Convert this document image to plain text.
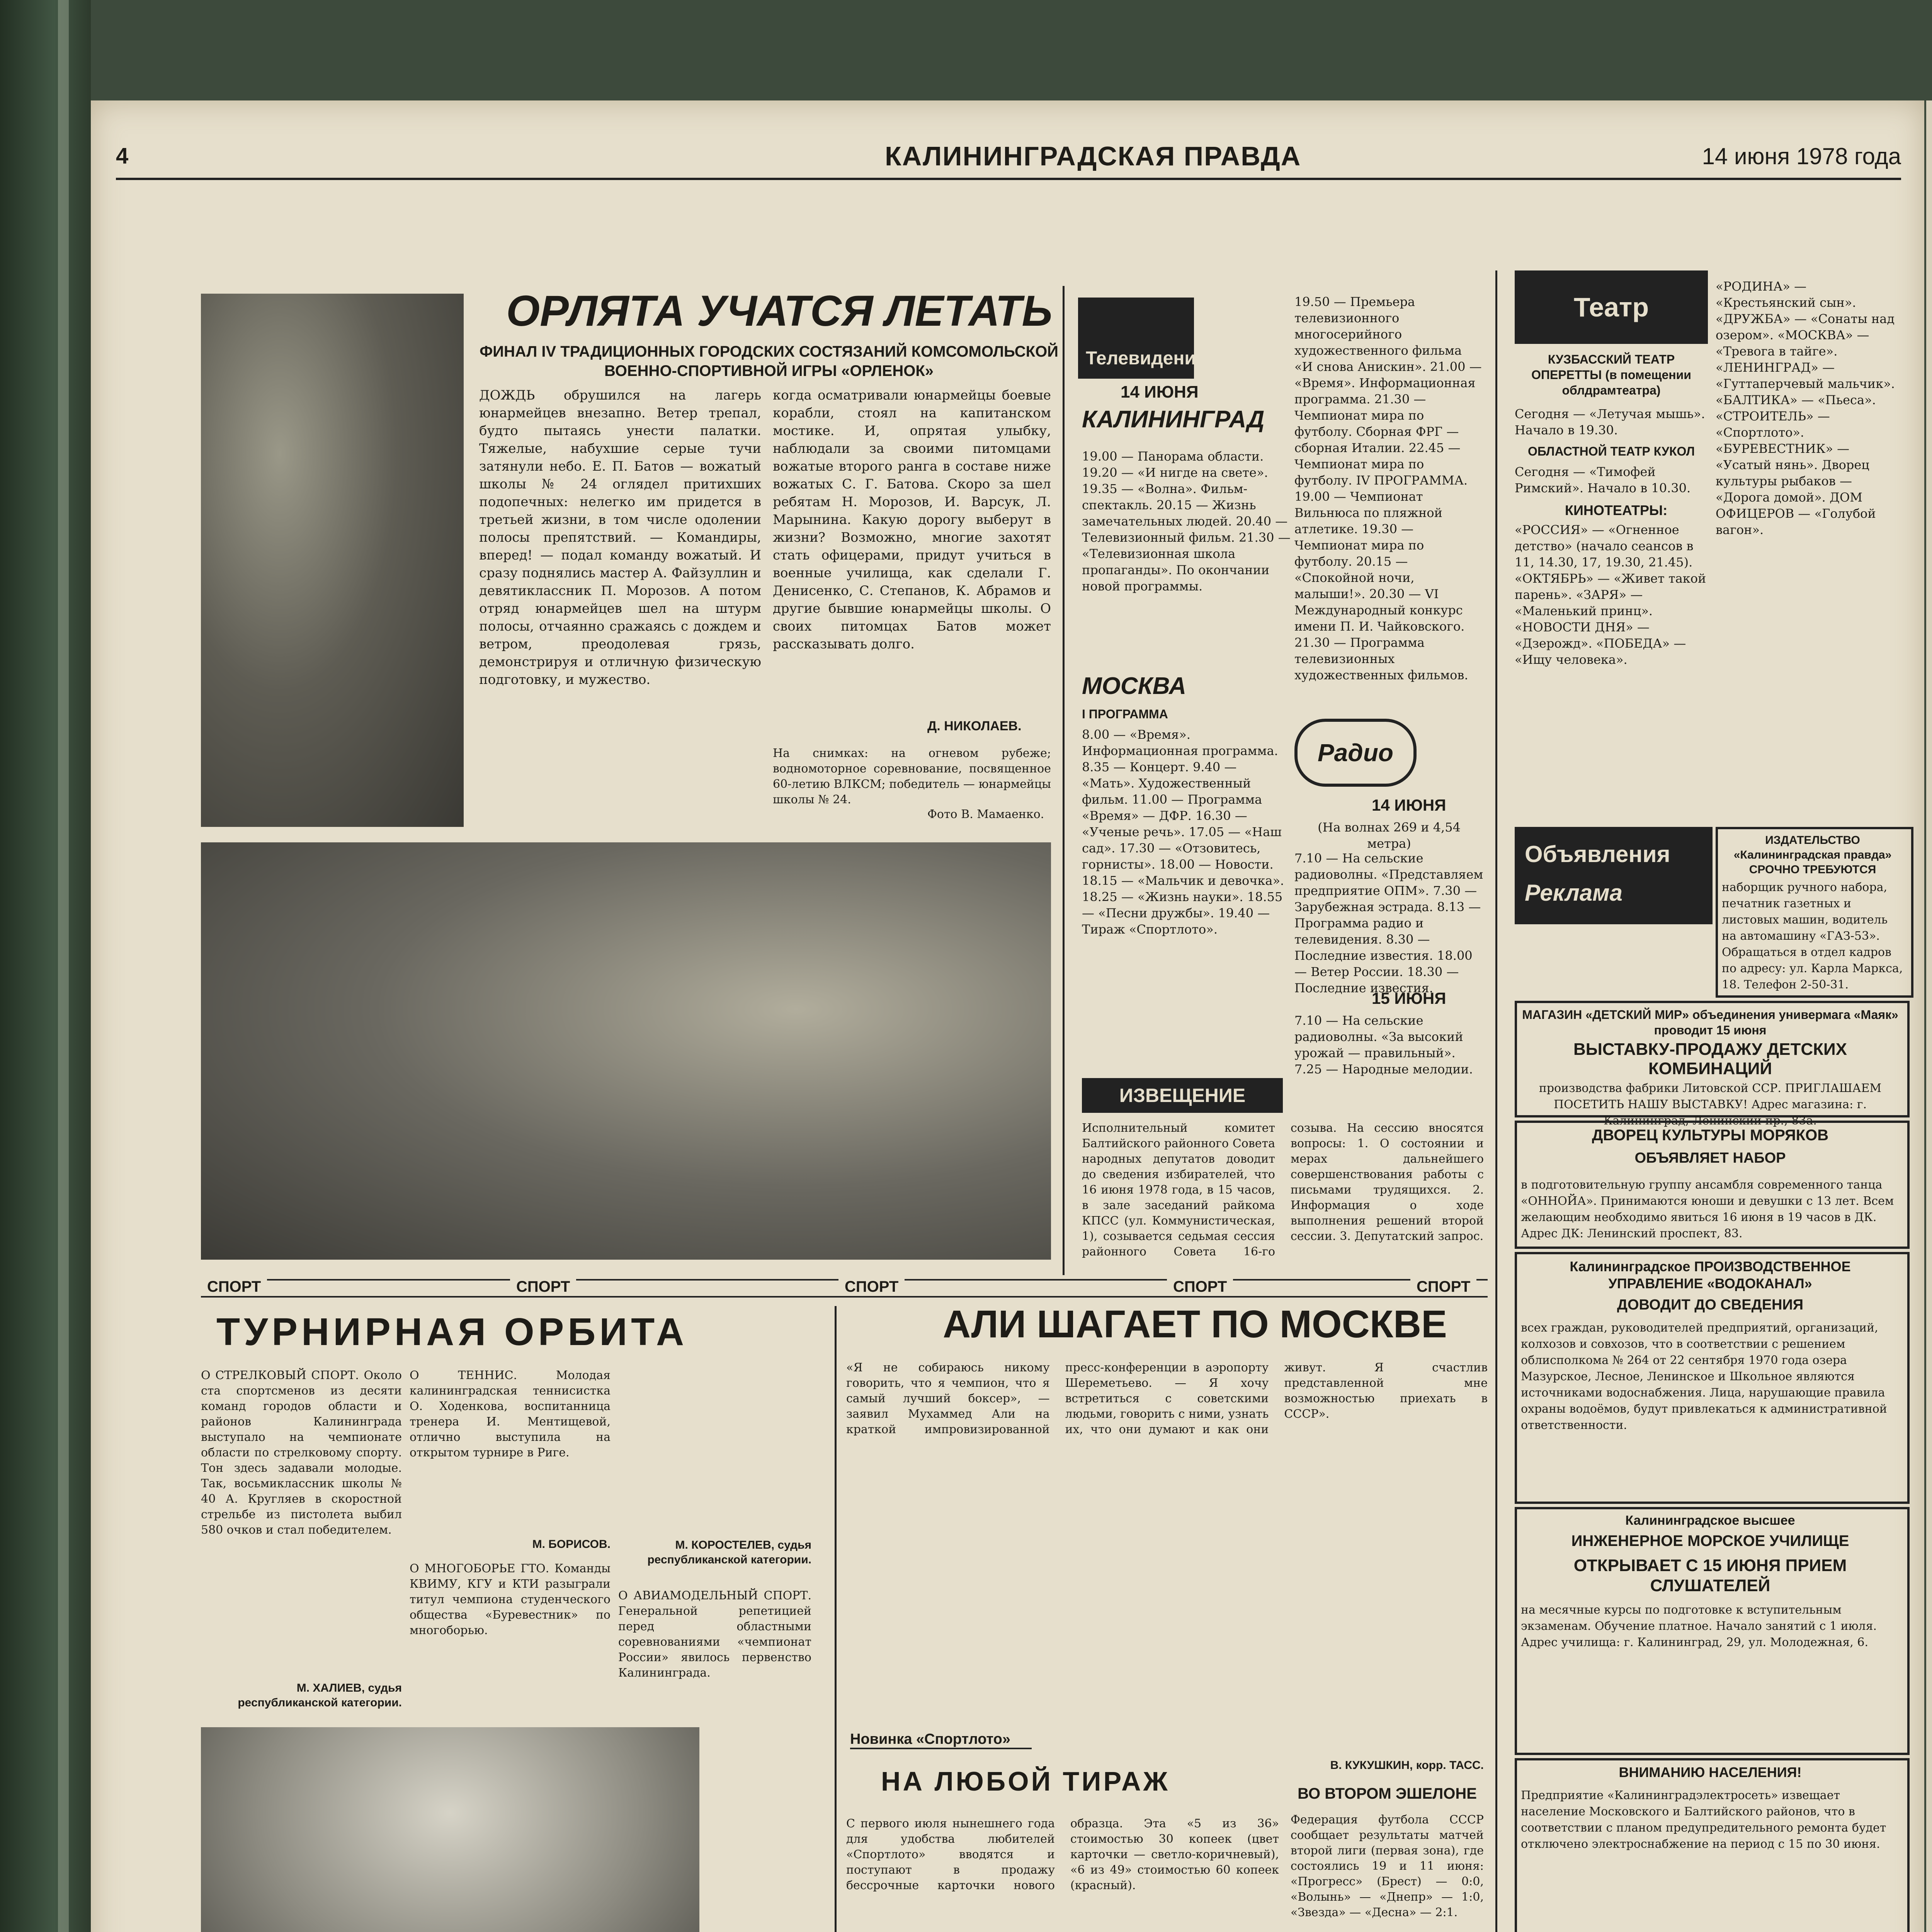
4	КАЛИНИНГРАДСКАЯ ПРАВДА	14 июня 1978 года
ОРЛЯТА УЧАТСЯ ЛЕТАТЬ
ФИНАЛ IV ТРАДИЦИОННЫХ ГОРОДСКИХ СОСТЯЗАНИЙ КОМСОМОЛЬСКОЙ ВОЕННО-СПОРТИВНОЙ ИГРЫ «ОРЛЕНОК»
ДОЖДЬ обрушился на лагерь юнармейцев внезапно. Ветер трепал, будто пытаясь унести палатки. Тяжелые, набухшие серые тучи затянули небо. Е. П. Батов — вожатый школы № 24 оглядел притихших подопечных: нелегко им придется в третьей жизни, в том числе одолении полосы препятствий. — Командиры, вперед! — подал команду вожатый. И сразу поднялись мастер А. Файзуллин и девятиклассник П. Морозов. А потом отряд юнармейцев шел на штурм полосы, отчаянно сражаясь с дождем и ветром, преодолевая грязь, демонстрируя и отличную физическую подготовку, и мужество.
когда осматривали юнармейцы боевые корабли, стоял на капитанском мостике. И, опрятая улыбку, наблюдали за своими питомцами вожатые второго ранга в составе ниже вожатых С. Г. Батова. Скоро за шел ребятам Н. Морозов, И. Варсук, Л. Марынина. Какую дорогу выберут в жизни? Возможно, многие захотят стать офицерами, придут учиться в военные училища, как сделали Г. Денисенко, С. Степанов, К. Абрамов и другие бывшие юнармейцы школы. О своих питомцах Батов может рассказывать долго.
Д. НИКОЛАЕВ.
На снимках: на огневом рубеже; водномоторное соревнование, посвященное 60-летию ВЛКСМ; победитель — юнармейцы школы № 24.
Фото В. Мамаенко.
Телевидение
14 ИЮНЯ
КАЛИНИНГРАД
19.00 — Панорама области. 19.20 — «И нигде на свете». 19.35 — «Волна». Фильм-спектакль. 20.15 — Жизнь замечательных людей. 20.40 — Телевизионный фильм. 21.30 — «Телевизионная школа пропаганды». По окончании новой программы.
МОСКВА
I ПРОГРАММА
8.00 — «Время». Информационная программа. 8.35 — Концерт. 9.40 — «Мать». Художественный фильм. 11.00 — Программа «Время» — ДФР. 16.30 — «Ученые речь». 17.05 — «Наш сад». 17.30 — «Отзовитесь, горнисты». 18.00 — Новости. 18.15 — «Мальчик и девочка». 18.25 — «Жизнь науки». 18.55 — «Песни дружбы». 19.40 — Тираж «Спортлото».
19.50 — Премьера телевизионного многосерийного художественного фильма «И снова Анискин». 21.00 — «Время». Информационная программа. 21.30 — Чемпионат мира по футболу. Сборная ФРГ — сборная Италии. 22.45 — Чемпионат мира по футболу. IV ПРОГРАММА. 19.00 — Чемпионат Вильнюса по пляжной атлетике. 19.30 — Чемпионат мира по футболу. 20.15 — «Спокойной ночи, малыши!». 20.30 — VI Международный конкурс имени П. И. Чайковского. 21.30 — Программа телевизионных художественных фильмов.
Радио
14 ИЮНЯ
(На волнах 269 и 4,54 метра)
7.10 — На сельские радиоволны. «Представляем предприятие ОПМ». 7.30 — Зарубежная эстрада. 8.13 — Программа радио и телевидения. 8.30 — Последние известия. 18.00 — Ветер России. 18.30 — Последние известия.
15 ИЮНЯ
7.10 — На сельские радиоволны. «За высокий урожай — правильный». 7.25 — Народные мелодии.
ИЗВЕЩЕНИЕ
Исполнительный комитет Балтийского районного Совета народных депутатов доводит до сведения избирателей, что 16 июня 1978 года, в 15 часов, в зале заседаний райкома КПСС (ул. Коммунистическая, 1), созывается седьмая сессия районного Совета 16-го созыва. На сессию вносятся вопросы: 1. О состоянии и мерах дальнейшего совершенствования работы с письмами трудящихся. 2. Информация о ходе выполнения решений второй сессии. 3. Депутатский запрос.
Театр
КУЗБАССКИЙ ТЕАТР ОПЕРЕТТЫ (в помещении облдрамтеатра)
Сегодня — «Летучая мышь». Начало в 19.30.
ОБЛАСТНОЙ ТЕАТР КУКОЛ
Сегодня — «Тимофей Римский». Начало в 10.30.
КИНОТЕАТРЫ:
«РОССИЯ» — «Огненное детство» (начало сеансов в 11, 14.30, 17, 19.30, 21.45). «ОКТЯБРЬ» — «Живет такой парень». «ЗАРЯ» — «Маленький принц». «НОВОСТИ ДНЯ» — «Дзерожд». «ПОБЕДА» — «Ищу человека».
«РОДИНА» — «Крестьянский сын». «ДРУЖБА» — «Сонаты над озером». «МОСКВА» — «Тревога в тайге». «ЛЕНИНГРАД» — «Гуттаперчевый мальчик». «БАЛТИКА» — «Пьеса». «СТРОИТЕЛЬ» — «Спортлото». «БУРЕВЕСТНИК» — «Усатый нянь». Дворец культуры рыбаков — «Дорога домой». ДОМ ОФИЦЕРОВ — «Голубой вагон».
Объявления
Реклама
ИЗДАТЕЛЬСТВО «Калининградская правда» СРОЧНО ТРЕБУЮТСЯ
наборщик ручного набора, печатник газетных и листовых машин, водитель на автомашину «ГАЗ-53». Обращаться в отдел кадров по адресу: ул. Карла Маркса, 18. Телефон 2-50-31.
МАГАЗИН «ДЕТСКИЙ МИР» объединения универмага «Маяк» проводит 15 июня
ВЫСТАВКУ-ПРОДАЖУ ДЕТСКИХ КОМБИНАЦИЙ
производства фабрики Литовской ССР. ПРИГЛАШАЕМ ПОСЕТИТЬ НАШУ ВЫСТАВКУ! Адрес магазина: г. Калининград, Ленинский пр., 83а.
ДВОРЕЦ КУЛЬТУРЫ МОРЯКОВ
ОБЪЯВЛЯЕТ НАБОР
в подготовительную группу ансамбля современного танца «ОННОЙА». Принимаются юноши и девушки с 13 лет. Всем желающим необходимо явиться 16 июня в 19 часов в ДК. Адрес ДК: Ленинский проспект, 83.
Калининградское ПРОИЗВОДСТВЕННОЕ УПРАВЛЕНИЕ «ВОДОКАНАЛ»
ДОВОДИТ ДО СВЕДЕНИЯ
всех граждан, руководителей предприятий, организаций, колхозов и совхозов, что в соответствии с решением облисполкома № 264 от 22 сентября 1970 года озера Мазурское, Лесное, Ленинское и Школьное являются источниками водоснабжения. Лица, нарушающие правила охраны водоёмов, будут привлекаться к административной ответственности.
Калининградское высшее
ИНЖЕНЕРНОЕ МОРСКОЕ УЧИЛИЩЕ
ОТКРЫВАЕТ С 15 ИЮНЯ ПРИЕМ СЛУШАТЕЛЕЙ
на месячные курсы по подготовке к вступительным экзаменам. Обучение платное. Начало занятий с 1 июля. Адрес училища: г. Калининград, 29, ул. Молодежная, 6.
ВНИМАНИЮ НАСЕЛЕНИЯ!
Предприятие «Калининградэлектросеть» извещает население Московского и Балтийского районов, что в соответствии с планом предупредительного ремонта будет отключено электроснабжение на период с 15 по 30 июня.
СПОРТ	СПОРТ	СПОРТ	СПОРТ	СПОРТ
ТУРНИРНАЯ ОРБИТА
О СТРЕЛКОВЫЙ СПОРТ. Около ста спортсменов из десяти команд городов области и районов Калининграда выступало на чемпионате области по стрелковому спорту. Тон здесь задавали молодые. Так, восьмиклассник школы № 40 А. Кругляев в скоростной стрельбе из пистолета выбил 580 очков и стал победителем.
М. ХАЛИЕВ, судья республиканской категории.
О ТЕННИС. Молодая калининградская теннисистка О. Ходенкова, воспитанница тренера И. Ментищевой, отлично выступила на открытом турнире в Риге.
М. БОРИСОВ.
О МНОГОБОРЬЕ ГТО. Команды КВИМУ, КГУ и КТИ разыграли титул чемпиона студенческого общества «Буревестник» по многоборью.
М. КОРОСТЕЛЕВ, судья республиканской категории.
О АВИАМОДЕЛЬНЫЙ СПОРТ. Генеральной репетицией перед областными соревнованиями «чемпионат России» явилось первенство Калининграда.
АЛИ ШАГАЕТ ПО МОСКВЕ
«Я не собираюсь никому говорить, что я чемпион, что я самый лучший боксер», — заявил Мухаммед Али на краткой импровизированной пресс-конференции в аэропорту Шереметьево. — Я хочу встретиться с советскими людьми, говорить с ними, узнать их, что они думают и как они живут. Я счастлив представленной мне возможностью приехать в СССР».
В. КУКУШКИН, корр. ТАСС.
Новинка «Спортлото»
НА ЛЮБОЙ ТИРАЖ
С первого июля нынешнего года для удобства любителей «Спортлото» вводятся и поступают в продажу бессрочные карточки нового образца. Эта «5 из 36» стоимостью 30 копеек (цвет карточки — светло-коричневый), «6 из 49» стоимостью 60 копеек (красный).
ВО ВТОРОМ ЭШЕЛОНЕ
Федерация футбола СССР сообщает результаты матчей второй лиги (первая зона), где состоялись 19 и 11 июня: «Прогресс» (Брест) — 0:0, «Волынь» — «Днепр» — 1:0, «Звезда» — «Десна» — 2:1.
